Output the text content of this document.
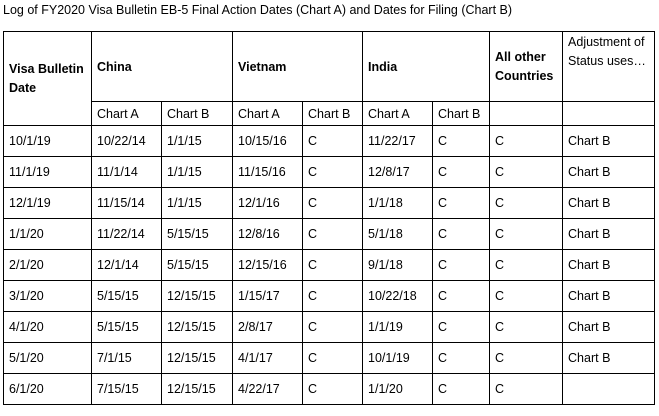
Log of FY2020 Visa Bulletin EB-5 Final Action Dates (Chart A) and Dates for Filing (Chart B)
Visa Bulletin Date	China		Vietnam		India		All other Countries	Adjustment of Status uses…
	Chart A	Chart B	Chart A	Chart B	Chart A	Chart B		
10/1/19	10/22/14	1/1/15	10/15/16	C	11/22/17	C	C	Chart B
11/1/19	11/1/14	1/1/15	11/15/16	C	12/8/17	C	C	Chart B
12/1/19	11/15/14	1/1/15	12/1/16	C	1/1/18	C	C	Chart B
1/1/20	11/22/14	5/15/15	12/8/16	C	5/1/18	C	C	Chart B
2/1/20	12/1/14	5/15/15	12/15/16	C	9/1/18	C	C	Chart B
3/1/20	5/15/15	12/15/15	1/15/17	C	10/22/18	C	C	Chart B
4/1/20	5/15/15	12/15/15	2/8/17	C	1/1/19	C	C	Chart B
5/1/20	7/1/15	12/15/15	4/1/17	C	10/1/19	C	C	Chart B
6/1/20	7/15/15	12/15/15	4/22/17	C	1/1/20	C	C	
